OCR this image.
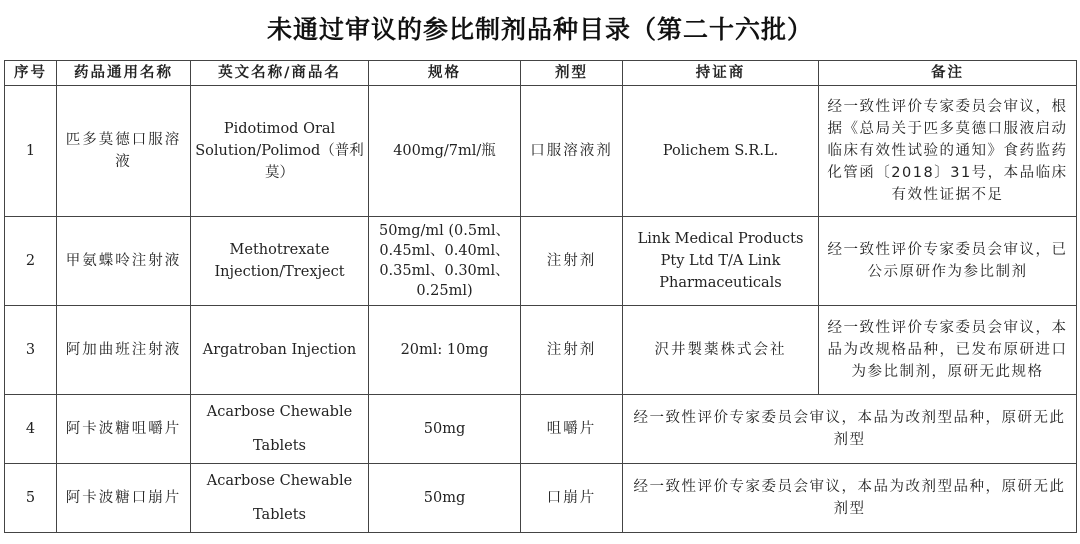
未通过审议的参比制剂品种目录（第二十六批）
序号	药品通用名称	英文名称/商品名	规格	剂型	持证商	备注
1	匹多莫德口服溶液	Pidotimod Oral Solution/Polimod（普利莫）	400mg/7ml/瓶	口服溶液剂	Polichem S.R.L.	经一致性评价专家委员会审议，根据《总局关于匹多莫德口服液启动临床有效性试验的通知》食药监药化管函〔2018〕31号，本品临床有效性证据不足
2	甲氨蝶呤注射液	Methotrexate Injection/Trexject	50mg/ml (0.5ml、0.45ml、0.40ml、0.35ml、0.30ml、0.25ml)	注射剂	Link Medical Products Pty Ltd T/A Link Pharmaceuticals	经一致性评价专家委员会审议，已公示原研作为参比制剂
3	阿加曲班注射液	Argatroban Injection	20ml: 10mg	注射剂	沢井製薬株式会社	经一致性评价专家委员会审议，本品为改规格品种，已发布原研进口为参比制剂，原研无此规格
4	阿卡波糖咀嚼片	Acarbose Chewable Tablets	50mg	咀嚼片	经一致性评价专家委员会审议，本品为改剂型品种，原研无此剂型	
5	阿卡波糖口崩片	Acarbose Chewable Tablets	50mg	口崩片	经一致性评价专家委员会审议，本品为改剂型品种，原研无此剂型	
